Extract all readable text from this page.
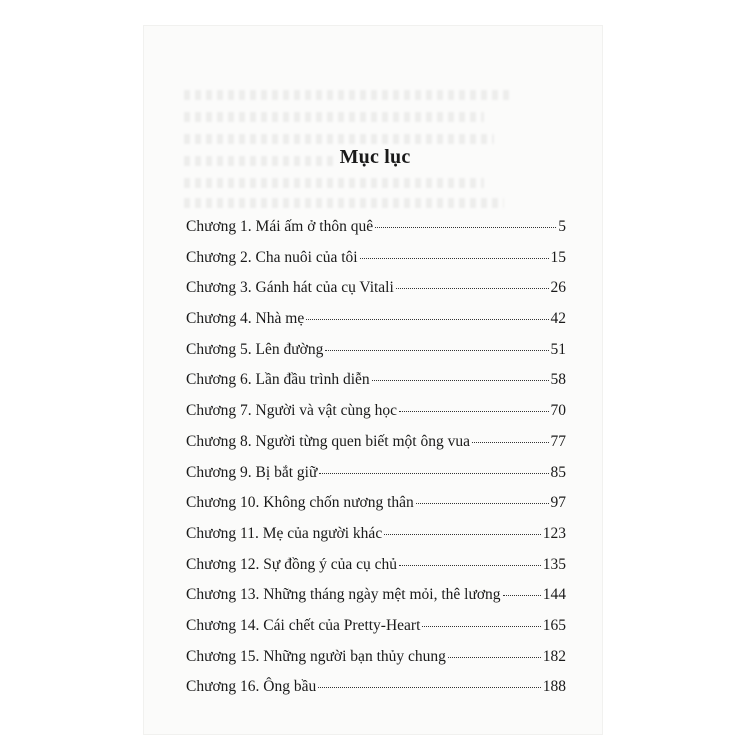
Mục lục
Chương 1. Mái ấm ở thôn quê	5
Chương 2. Cha nuôi của tôi	15
Chương 3. Gánh hát của cụ Vitali	26
Chương 4. Nhà mẹ	42
Chương 5. Lên đường	51
Chương 6. Lần đầu trình diễn	58
Chương 7. Người và vật cùng học	70
Chương 8. Người từng quen biết một ông vua	77
Chương 9. Bị bắt giữ	85
Chương 10. Không chốn nương thân	97
Chương 11. Mẹ của người khác	123
Chương 12. Sự đồng ý của cụ chủ	135
Chương 13. Những tháng ngày mệt mỏi, thê lương	144
Chương 14. Cái chết của Pretty-Heart	165
Chương 15. Những người bạn thủy chung	182
Chương 16. Ông bầu	188
